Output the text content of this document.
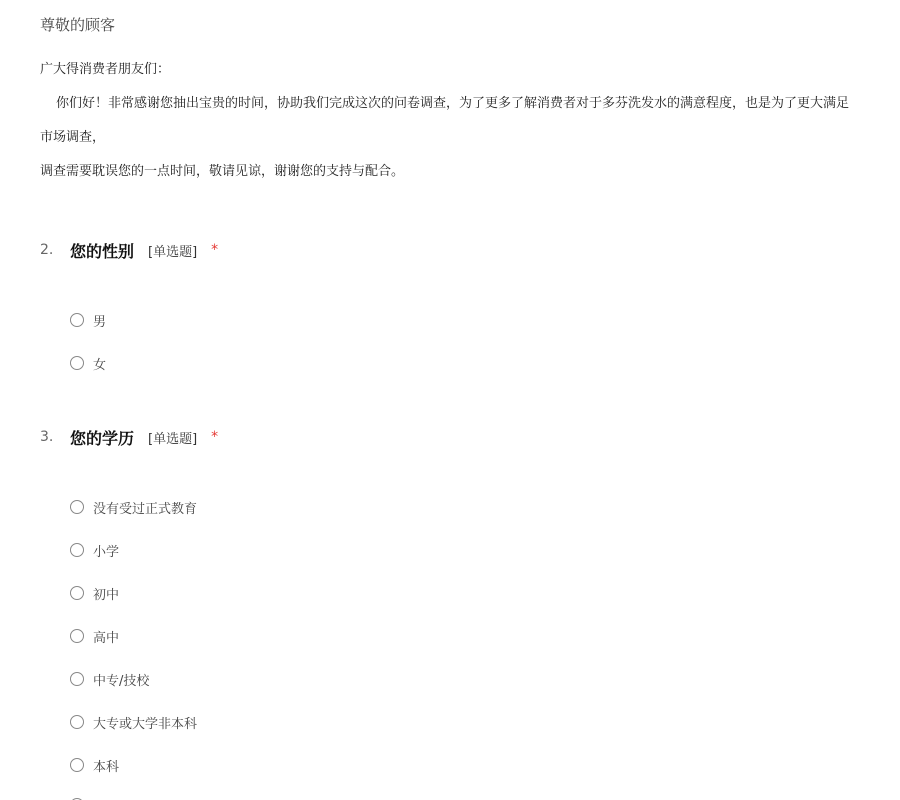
尊敬的顾客
广大得消费者朋友们：
你们好！非常感谢您抽出宝贵的时间，协助我们完成这次的问卷调查，为了更多了解消费者对于多芬洗发水的满意程度，也是为了更大满足
市场调查，
调查需要耽误您的一点时间，敬请见谅，谢谢您的支持与配合。
2.	您的性别 [单选题] *
男
女
3.	您的学历 [单选题] *
没有受过正式教育
小学
初中
高中
中专/技校
大专或大学非本科
本科
